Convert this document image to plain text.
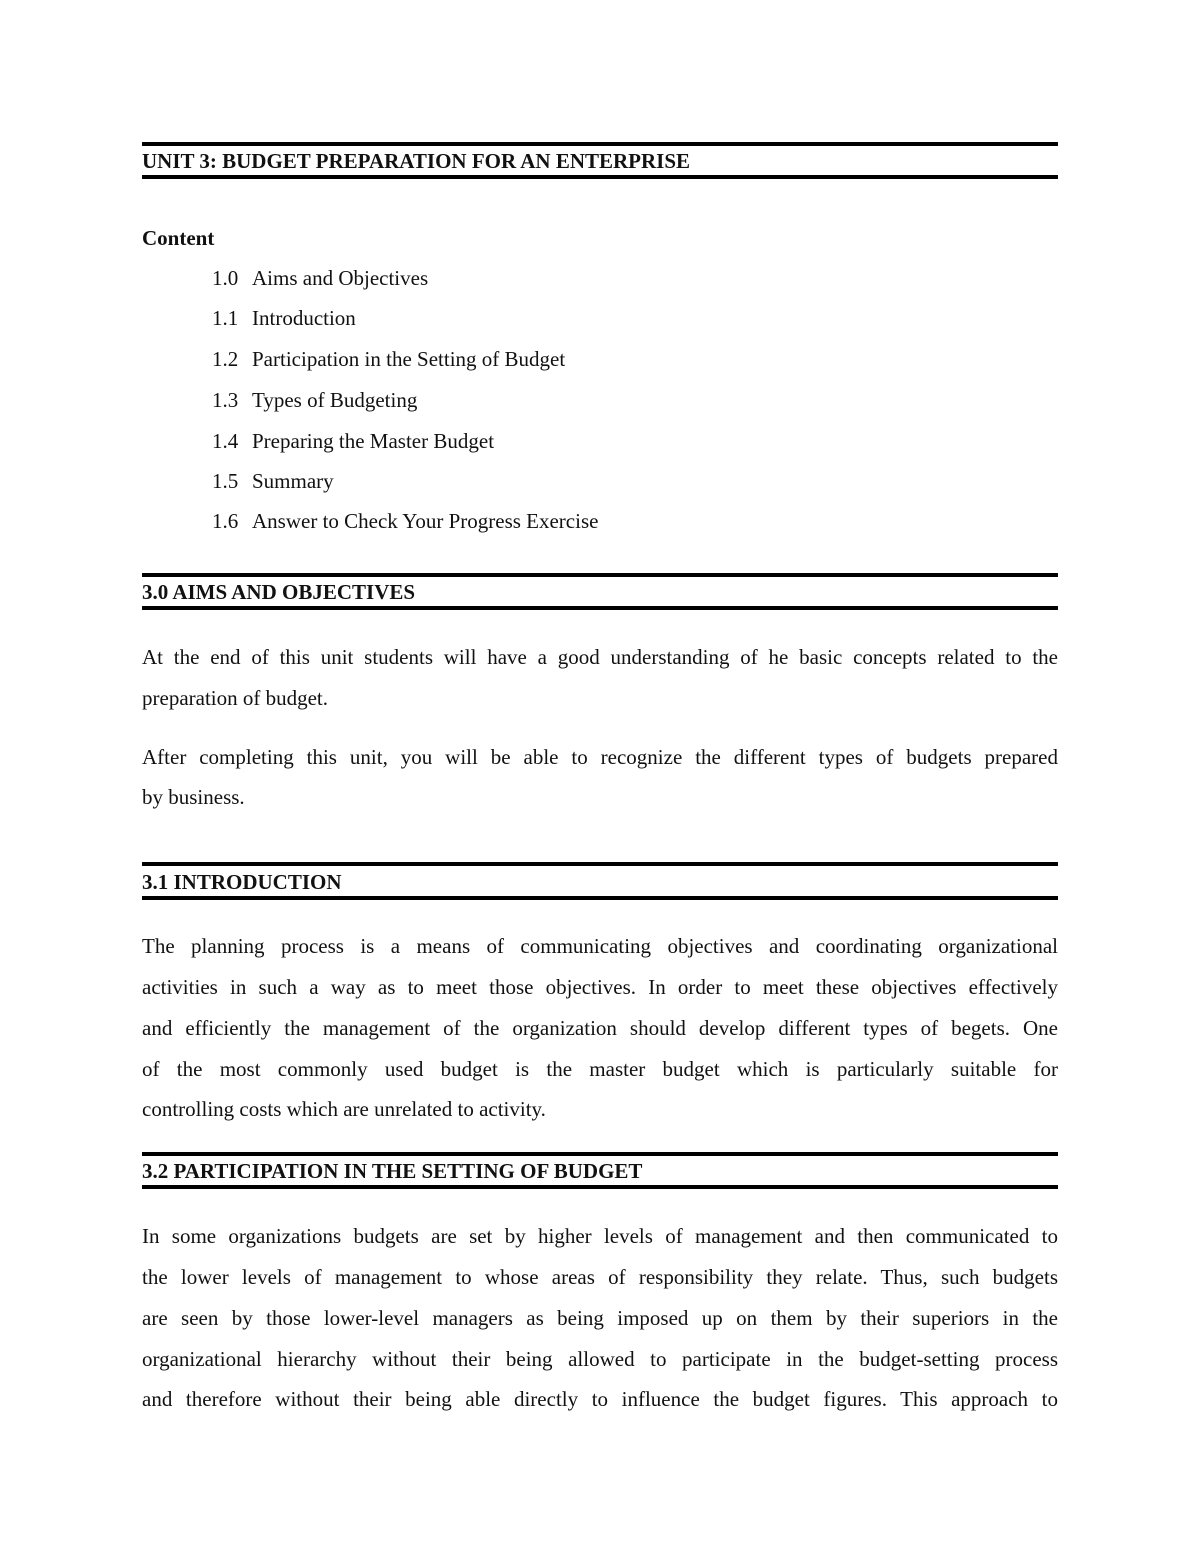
UNIT 3: BUDGET PREPARATION FOR AN ENTERPRISE
Content
1.0 Aims and Objectives
1.1 Introduction
1.2 Participation in the Setting of Budget
1.3 Types of Budgeting
1.4 Preparing the Master Budget
1.5 Summary
1.6 Answer to Check Your Progress Exercise
3.0 AIMS AND OBJECTIVES
At the end of this unit students will have a good understanding of he basic concepts related to the
preparation of budget.
After completing this unit, you will be able to recognize the different types of budgets prepared
by business.
3.1 INTRODUCTION
The planning process is a means of communicating objectives and coordinating organizational
activities in such a way as to meet those objectives. In order to meet these objectives effectively
and efficiently the management of the organization should develop different types of begets. One
of the most commonly used budget is the master budget which is particularly suitable for
controlling costs which are unrelated to activity.
3.2 PARTICIPATION IN THE SETTING OF BUDGET
In some organizations budgets are set by higher levels of management and then communicated to
the lower levels of management to whose areas of responsibility they relate. Thus, such budgets
are seen by those lower-level managers as being imposed up on them by their superiors in the
organizational hierarchy without their being allowed to participate in the budget-setting process
and therefore without their being able directly to influence the budget figures. This approach to
